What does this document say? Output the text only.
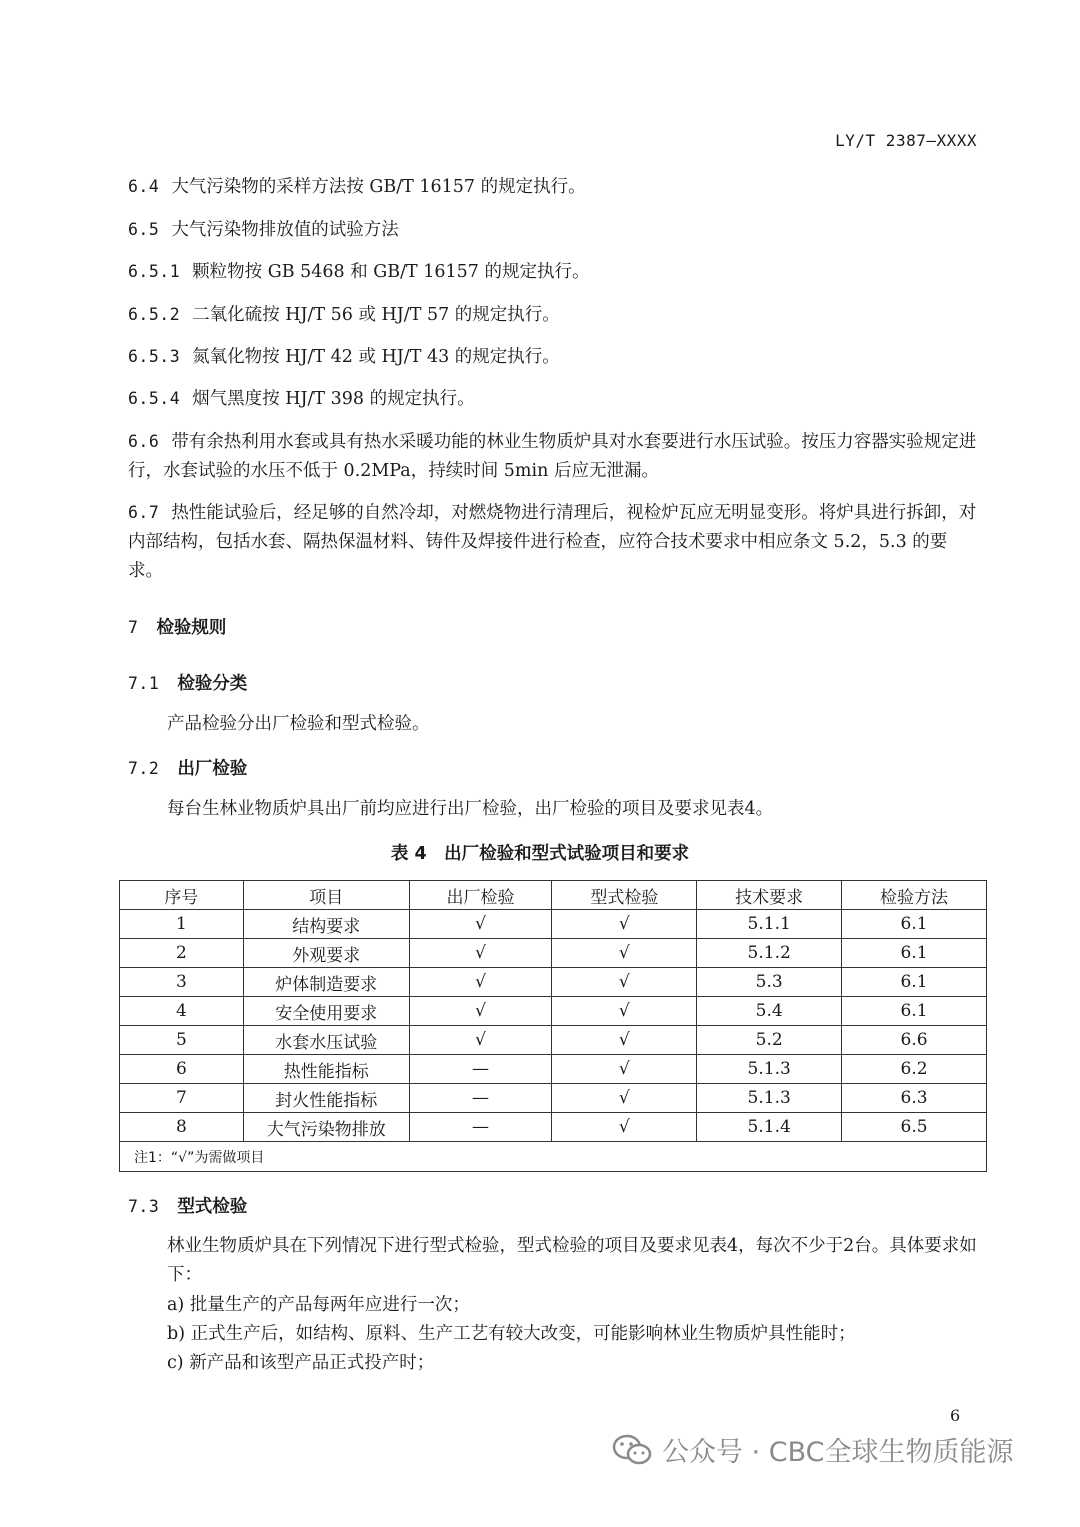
LY/T 2387—XXXX
6.4 大气污染物的采样方法按 GB/T 16157 的规定执行。
6.5 大气污染物排放值的试验方法
6.5.1 颗粒物按 GB 5468 和 GB/T 16157 的规定执行。
6.5.2 二氧化硫按 HJ/T 56 或 HJ/T 57 的规定执行。
6.5.3 氮氧化物按 HJ/T 42 或 HJ/T 43 的规定执行。
6.5.4 烟气黑度按 HJ/T 398 的规定执行。
6.6 带有余热利用水套或具有热水采暖功能的林业生物质炉具对水套要进行水压试验。按压力容器实验规定进行，水套试验的水压不低于 0.2MPa，持续时间 5min 后应无泄漏。
6.7 热性能试验后，经足够的自然冷却，对燃烧物进行清理后，视检炉瓦应无明显变形。将炉具进行拆卸，对内部结构，包括水套、隔热保温材料、铸件及焊接件进行检查，应符合技术要求中相应条文 5.2，5.3 的要求。
7 检验规则
7.1 检验分类
产品检验分出厂检验和型式检验。
7.2 出厂检验
每台生林业物质炉具出厂前均应进行出厂检验，出厂检验的项目及要求见表4。
表 4　出厂检验和型式试验项目和要求
序号	项目	出厂检验	型式检验	技术要求	检验方法
1	结构要求	√	√	5.1.1	6.1
2	外观要求	√	√	5.1.2	6.1
3	炉体制造要求	√	√	5.3	6.1
4	安全使用要求	√	√	5.4	6.1
5	水套水压试验	√	√	5.2	6.6
6	热性能指标	—	√	5.1.3	6.2
7	封火性能指标	—	√	5.1.3	6.3
8	大气污染物排放	—	√	5.1.4	6.5
注1：“√”为需做项目					
7.3 型式检验
林业生物质炉具在下列情况下进行型式检验，型式检验的项目及要求见表4，每次不少于2台。具体要求如下：
a) 批量生产的产品每两年应进行一次；
b) 正式生产后，如结构、原料、生产工艺有较大改变，可能影响林业生物质炉具性能时；
c) 新产品和该型产品正式投产时；
6
公众号 · CBC全球生物质能源
